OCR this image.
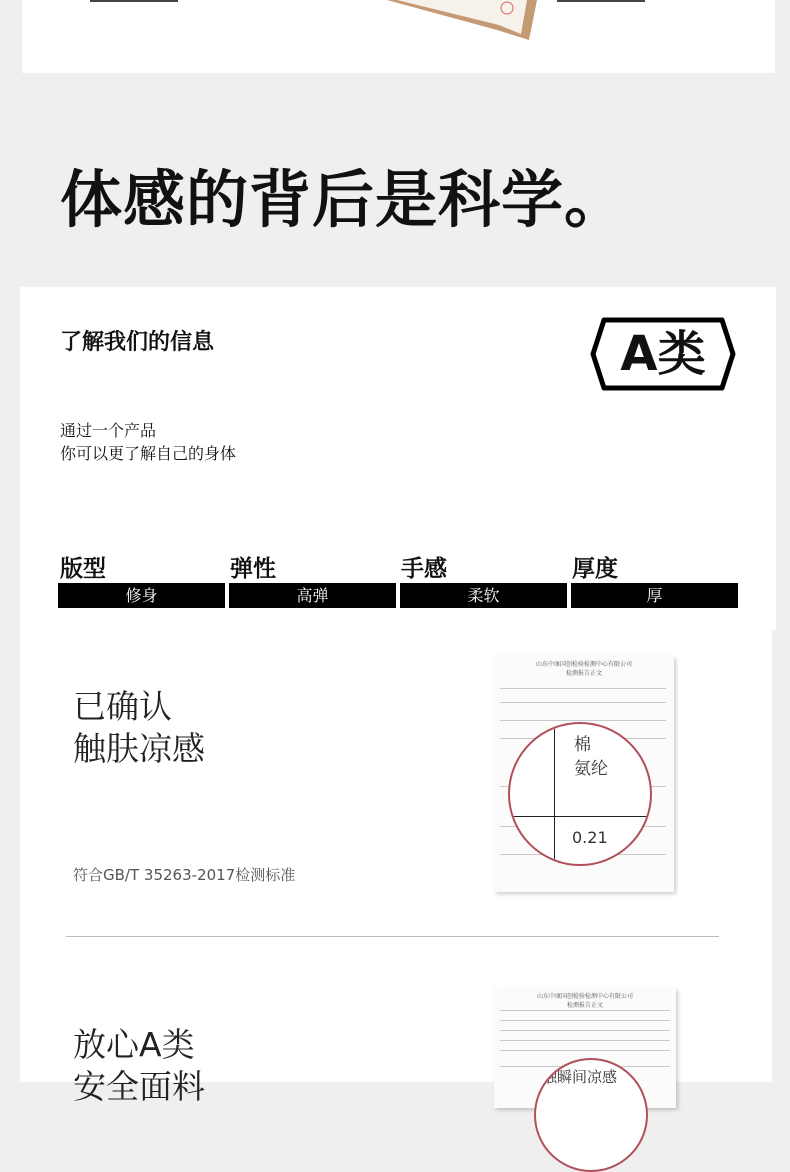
体感的背后是科学。
了解我们的信息	A类
通过一个产品
你可以更了解自己的身体
版型
修身
弹性
高弹
手感
柔软
厚度
厚
已确认
触肤凉感
符合GB/T 35263-2017检测标准
山东中康国创检验检测中心有限公司
检测报告正文
棉
氨纶
0.21
放心A类
安全面料
山东中康国创检验检测中心有限公司
检测报告正文
触瞬间凉感
